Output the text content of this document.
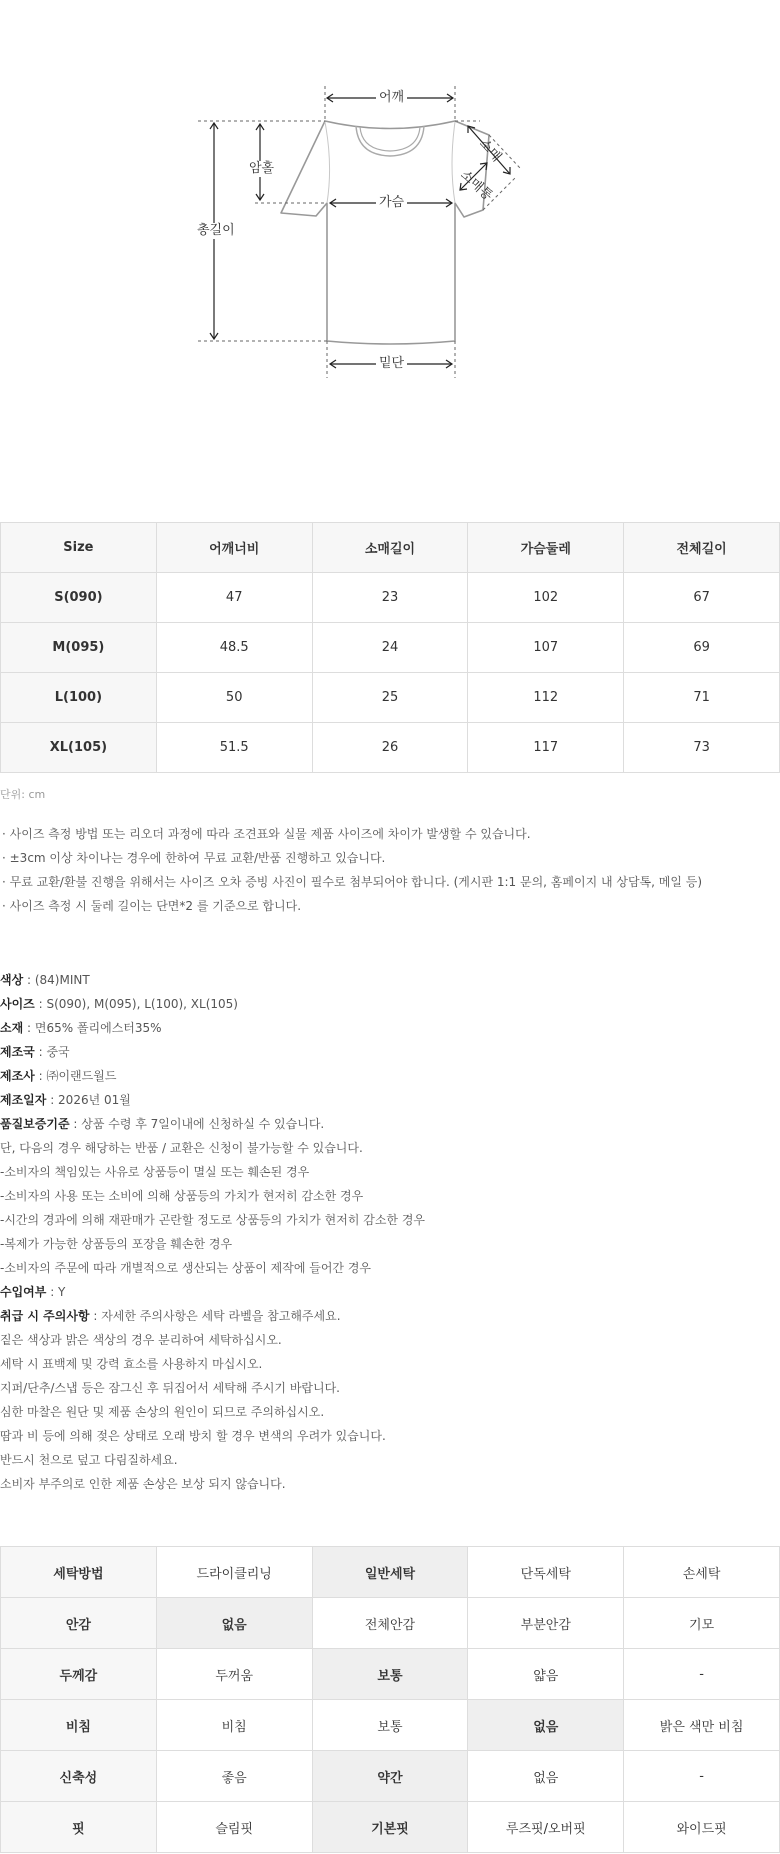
어깨
암홀
총길이
가슴
밑단
소매
소매통
Size	어깨너비	소매길이	가슴둘레	전체길이
S(090)	47	23	102	67
M(095)	48.5	24	107	69
L(100)	50	25	112	71
XL(105)	51.5	26	117	73
단위: cm
· 사이즈 측정 방법 또는 리오더 과정에 따라 조견표와 실물 제품 사이즈에 차이가 발생할 수 있습니다.
· ±3cm 이상 차이나는 경우에 한하여 무료 교환/반품 진행하고 있습니다.
· 무료 교환/환불 진행을 위해서는 사이즈 오차 증빙 사진이 필수로 첨부되어야 합니다. (게시판 1:1 문의, 홈페이지 내 상담톡, 메일 등)
· 사이즈 측정 시 둘레 길이는 단면*2 를 기준으로 합니다.
색상 : (84)MINT
사이즈 : S(090), M(095), L(100), XL(105)
소재 : 면65% 폴리에스터35%
제조국 : 중국
제조사 : ㈜이랜드월드
제조일자 : 2026년 01월
품질보증기준 : 상품 수령 후 7일이내에 신청하실 수 있습니다.
단, 다음의 경우 해당하는 반품 / 교환은 신청이 불가능할 수 있습니다.
-소비자의 책임있는 사유로 상품등이 멸실 또는 훼손된 경우
-소비자의 사용 또는 소비에 의해 상품등의 가치가 현저히 감소한 경우
-시간의 경과에 의해 재판매가 곤란할 정도로 상품등의 가치가 현저히 감소한 경우
-복제가 가능한 상품등의 포장을 훼손한 경우
-소비자의 주문에 따라 개별적으로 생산되는 상품이 제작에 들어간 경우
수입여부 : Y
취급 시 주의사항 : 자세한 주의사항은 세탁 라벨을 참고해주세요.
짙은 색상과 밝은 색상의 경우 분리하여 세탁하십시오.
세탁 시 표백제 및 강력 효소를 사용하지 마십시오.
지퍼/단추/스냅 등은 잠그신 후 뒤집어서 세탁해 주시기 바랍니다.
심한 마찰은 원단 및 제품 손상의 원인이 되므로 주의하십시오.
땀과 비 등에 의해 젖은 상태로 오래 방치 할 경우 변색의 우려가 있습니다.
반드시 천으로 덮고 다림질하세요.
소비자 부주의로 인한 제품 손상은 보상 되지 않습니다.
세탁방법	드라이클리닝	일반세탁	단독세탁	손세탁
안감	없음	전체안감	부분안감	기모
두께감	두꺼움	보통	얇음	-
비침	비침	보통	없음	밝은 색만 비침
신축성	좋음	약간	없음	-
핏	슬림핏	기본핏	루즈핏/오버핏	와이드핏
